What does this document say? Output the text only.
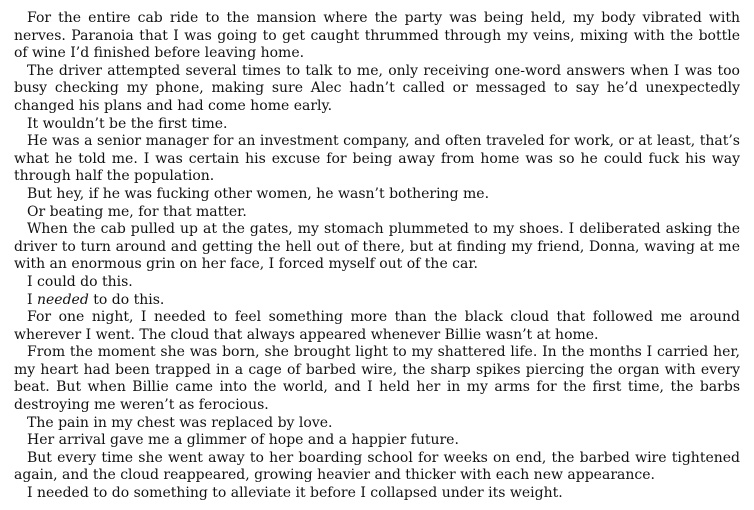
For the entire cab ride to the mansion where the party was being held, my body vibrated with nerves. Paranoia that I was going to get caught thrummed through my veins, mixing with the bottle of wine I’d finished before leaving home.

The driver attempted several times to talk to me, only receiving one-word answers when I was too busy checking my phone, making sure Alec hadn’t called or messaged to say he’d unexpectedly changed his plans and had come home early.

It wouldn’t be the first time.

He was a senior manager for an investment company, and often traveled for work, or at least, that’s what he told me. I was certain his excuse for being away from home was so he could fuck his way through half the population.

But hey, if he was fucking other women, he wasn’t bothering me.

Or beating me, for that matter.

When the cab pulled up at the gates, my stomach plummeted to my shoes. I deliberated asking the driver to turn around and getting the hell out of there, but at finding my friend, Donna, waving at me with an enormous grin on her face, I forced myself out of the car.

I could do this.

I needed to do this.

For one night, I needed to feel something more than the black cloud that followed me around wherever I went. The cloud that always appeared whenever Billie wasn’t at home.

From the moment she was born, she brought light to my shattered life. In the months I carried her, my heart had been trapped in a cage of barbed wire, the sharp spikes piercing the organ with every beat. But when Billie came into the world, and I held her in my arms for the first time, the barbs destroying me weren’t as ferocious.

The pain in my chest was replaced by love.

Her arrival gave me a glimmer of hope and a happier future.

But every time she went away to her boarding school for weeks on end, the barbed wire tightened again, and the cloud reappeared, growing heavier and thicker with each new appearance.

I needed to do something to alleviate it before I collapsed under its weight.
